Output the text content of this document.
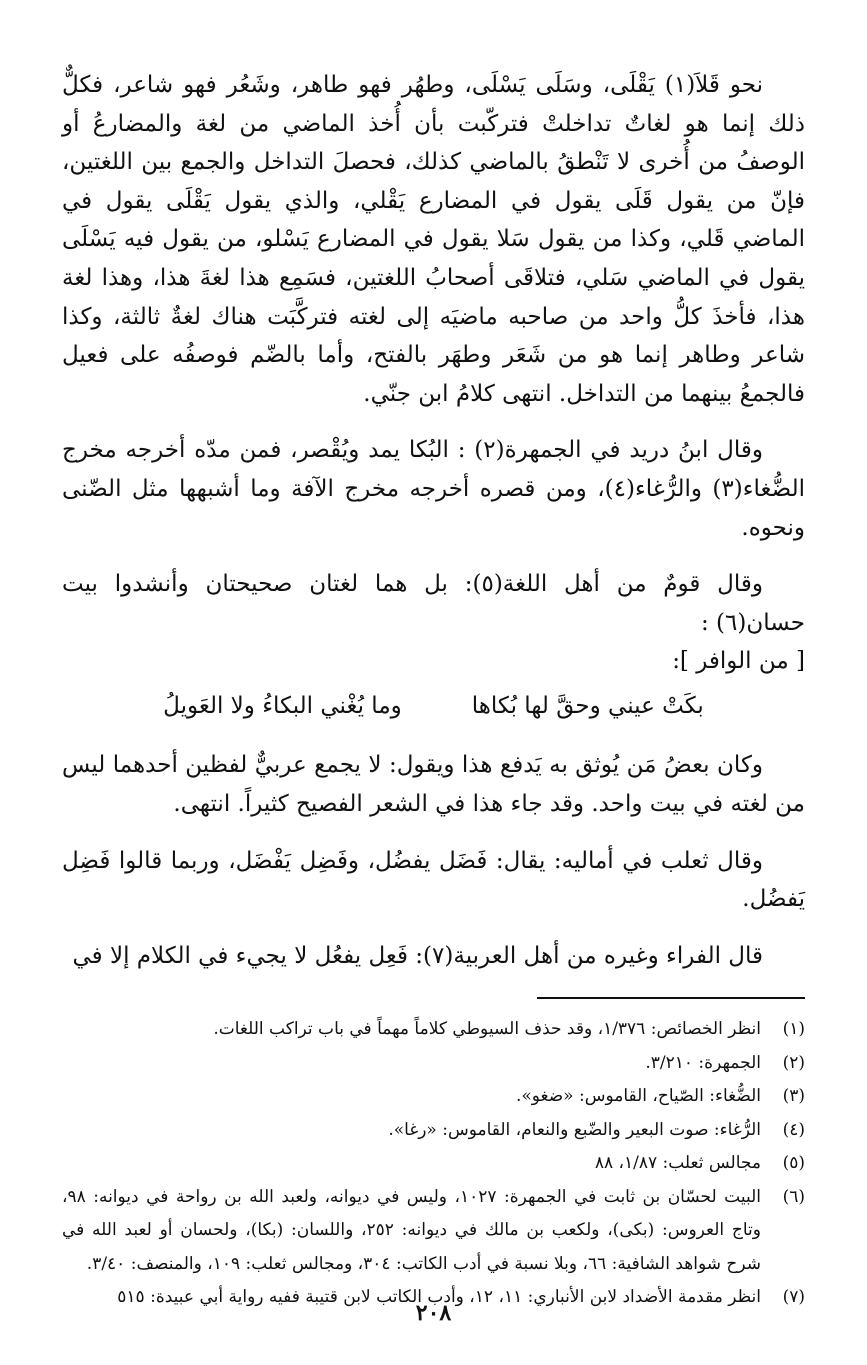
نحو قَلاَ(١) يَقْلَى، وسَلَى يَسْلَى، وطهُر فهو طاهر، وشَعُر فهو شاعر، فكلٌّ ذلك إنما هو لغاتٌ تداخلتْ فتركّبت بأن أُخذ الماضي من لغة والمضارعُ أو الوصفُ من أُخرى لا تَنْطقُ بالماضي كذلك، فحصلَ التداخل والجمع بين اللغتين، فإنّ من يقول قَلَى يقول في المضارع يَقْلي، والذي يقول يَقْلَى يقول في الماضي قَلي، وكذا من يقول سَلا يقول في المضارع يَسْلو، من يقول فيه يَسْلَى يقول في الماضي سَلي، فتلاقَى أصحابُ اللغتين، فسَمِع هذا لغةَ هذا، وهذا لغة هذا، فأخذَ كلُّ واحد من صاحبه ماضيَه إلى لغته فتركَّبَت هناك لغةٌ ثالثة، وكذا شاعر وطاهر إنما هو من شَعَر وطهَر بالفتح، وأما بالضّم فوصفُه على فعيل فالجمعُ بينهما من التداخل. انتهى كلامُ ابن جنّي.

وقال ابنُ دريد في الجمهرة(٢) : البُكا يمد ويُقْصر، فمن مدّه أخرجه مخرج الضُّغاء(٣) والرُّغاء(٤)، ومن قصره أخرجه مخرج الآفة وما أشبهها مثل الضّنى ونحوه.

وقال قومٌ من أهل اللغة(٥): بل هما لغتان صحيحتان وأنشدوا بيت حسان(٦) :

[ من الوافر ]:
بكَتْ عيني وحقَّ لها بُكاها
وما يُغْني البكاءُ ولا العَويلُ

وكان بعضُ مَن يُوثق به يَدفع هذا ويقول: لا يجمع عربيٌّ لفظين أحدهما ليس من لغته في بيت واحد. وقد جاء هذا في الشعر الفصيح كثيراً. انتهى.

وقال ثعلب في أماليه: يقال: فَضَل يفضُل، وفَضِل يَفْضَل، وربما قالوا فَضِل يَفضُل.

قال الفراء وغيره من أهل العربية(٧): فَعِل يفعُل لا يجيء في الكلام إلا في

(١)
انظر الخصائص: ١/٣٧٦، وقد حذف السيوطي كلاماً مهماً في باب تراكب اللغات.
(٢)
الجمهرة: ٣/٢١٠.
(٣)
الضُّغاء: الصّياح، القاموس: «ضغو».
(٤)
الرُّغاء: صوت البعير والضّبع والنعام، القاموس: «رغا».
(٥)
مجالس ثعلب: ١/٨٧، ٨٨
(٦)
البيت لحسّان بن ثابت في الجمهرة: ١٠٢٧، وليس في ديوانه، ولعبد الله بن رواحة في ديوانه: ٩٨، وتاج العروس: (بكى)، ولكعب بن مالك في ديوانه: ٢٥٢، واللسان: (بكا)، ولحسان أو لعبد الله في شرح شواهد الشافية: ٦٦، وبلا نسبة في أدب الكاتب: ٣٠٤، ومجالس ثعلب: ١٠٩، والمنصف: ٣/٤٠.
(٧)
انظر مقدمة الأضداد لابن الأنباري: ١١، ١٢، وأدب الكاتب لابن قتيبة ففيه رواية أبي عبيدة: ٥١٥
٢٠٨
